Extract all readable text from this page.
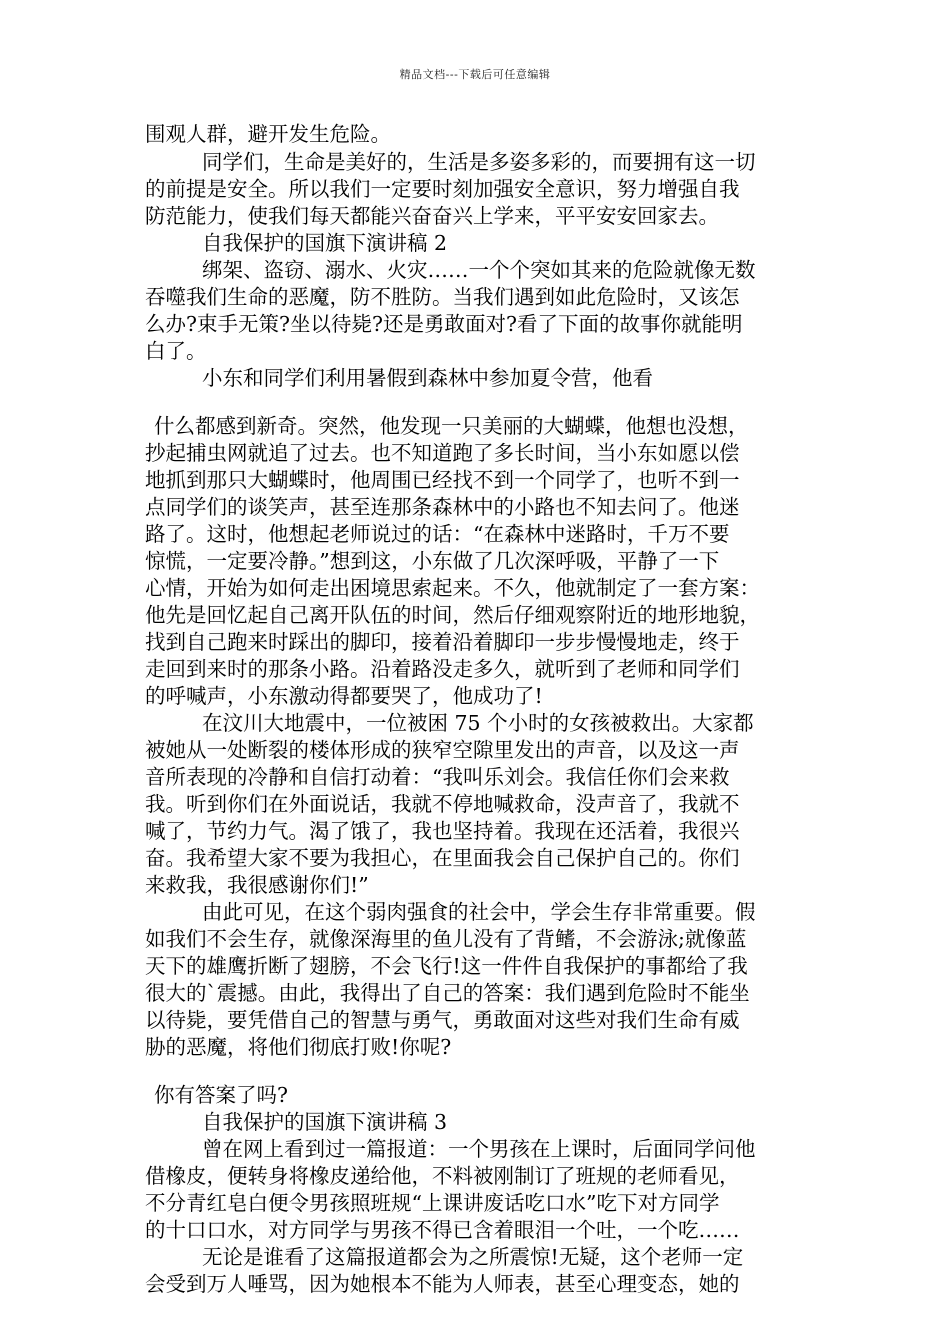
精品文档---下载后可任意编辑
围观人群，避开发生危险。
同学们，生命是美好的，生活是多姿多彩的，而要拥有这一切
的前提是安全。所以我们一定要时刻加强安全意识，努力增强自我
防范能力，使我们每天都能兴奋奋兴上学来，平平安安回家去。
自我保护的国旗下演讲稿 2
绑架、盗窃、溺水、火灾……一个个突如其来的危险就像无数
吞噬我们生命的恶魔，防不胜防。当我们遇到如此危险时，又该怎
么办?束手无策?坐以待毙?还是勇敢面对?看了下面的故事你就能明
白了。
小东和同学们利用暑假到森林中参加夏令营，他看
什么都感到新奇。突然，他发现一只美丽的大蝴蝶，他想也没想，
抄起捕虫网就追了过去。也不知道跑了多长时间，当小东如愿以偿
地抓到那只大蝴蝶时，他周围已经找不到一个同学了，也听不到一
点同学们的谈笑声，甚至连那条森林中的小路也不知去问了。他迷
路了。这时，他想起老师说过的话：“在森林中迷路时，千万不要
惊慌，一定要冷静。”想到这，小东做了几次深呼吸，平静了一下
心情，开始为如何走出困境思索起来。不久，他就制定了一套方案：
他先是回忆起自己离开队伍的时间，然后仔细观察附近的地形地貌，
找到自己跑来时踩出的脚印，接着沿着脚印一步步慢慢地走，终于
走回到来时的那条小路。沿着路没走多久，就听到了老师和同学们
的呼喊声，小东激动得都要哭了，他成功了!
在汶川大地震中，一位被困 75 个小时的女孩被救出。大家都
被她从一处断裂的楼体形成的狭窄空隙里发出的声音，以及这一声
音所表现的冷静和自信打动着：“我叫乐刘会。我信任你们会来救
我。听到你们在外面说话，我就不停地喊救命，没声音了，我就不
喊了，节约力气。渴了饿了，我也坚持着。我现在还活着，我很兴
奋。我希望大家不要为我担心，在里面我会自己保护自己的。你们
来救我，我很感谢你们!”
由此可见，在这个弱肉强食的社会中，学会生存非常重要。假
如我们不会生存，就像深海里的鱼儿没有了背鳍，不会游泳;就像蓝
天下的雄鹰折断了翅膀，不会飞行!这一件件自我保护的事都给了我
很大的`震撼。由此，我得出了自己的答案：我们遇到危险时不能坐
以待毙，要凭借自己的智慧与勇气，勇敢面对这些对我们生命有威
胁的恶魔，将他们彻底打败!你呢?
你有答案了吗?
自我保护的国旗下演讲稿 3
曾在网上看到过一篇报道：一个男孩在上课时，后面同学问他
借橡皮，便转身将橡皮递给他，不料被刚制订了班规的老师看见，
不分青红皂白便令男孩照班规“上课讲废话吃口水”吃下对方同学
的十口口水，对方同学与男孩不得已含着眼泪一个吐，一个吃……
无论是谁看了这篇报道都会为之所震惊!无疑，这个老师一定
会受到万人唾骂，因为她根本不能为人师表，甚至心理变态，她的
